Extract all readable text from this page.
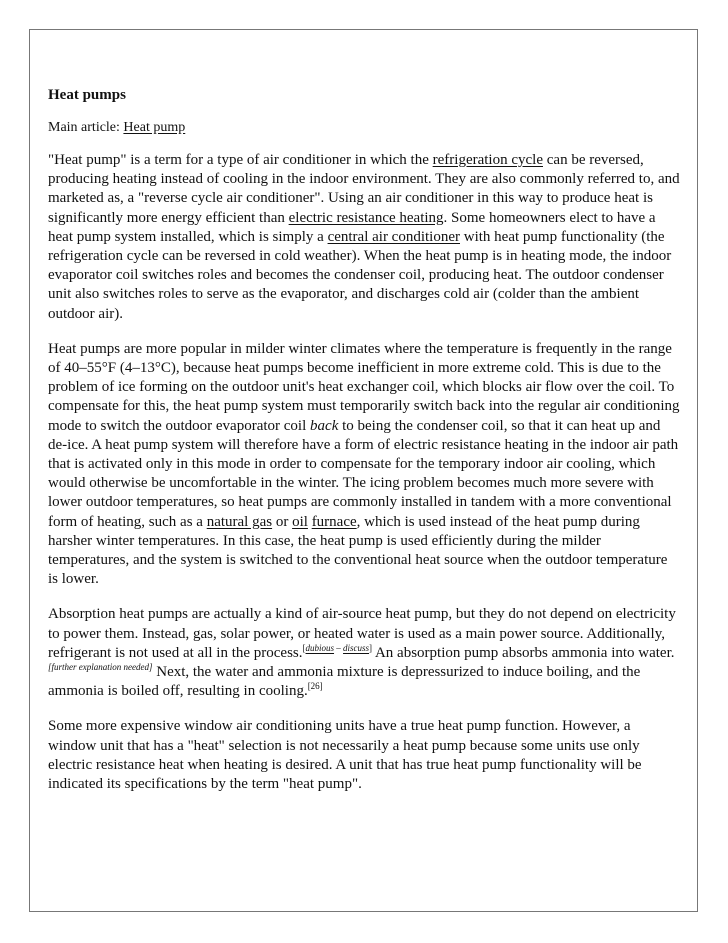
Heat pumps
Main article: Heat pump

"Heat pump" is a term for a type of air conditioner in which the refrigeration cycle can be reversed, producing heating instead of cooling in the indoor environment. They are also commonly referred to, and marketed as, a "reverse cycle air conditioner". Using an air conditioner in this way to produce heat is significantly more energy efficient than electric resistance heating. Some homeowners elect to have a heat pump system installed, which is simply a central air conditioner with heat pump functionality (the refrigeration cycle can be reversed in cold weather). When the heat pump is in heating mode, the indoor evaporator coil switches roles and becomes the condenser coil, producing heat. The outdoor condenser unit also switches roles to serve as the evaporator, and discharges cold air (colder than the ambient outdoor air).

Heat pumps are more popular in milder winter climates where the temperature is frequently in the range of 40–55°F (4–13°C), because heat pumps become inefficient in more extreme cold. This is due to the problem of ice forming on the outdoor unit's heat exchanger coil, which blocks air flow over the coil. To compensate for this, the heat pump system must temporarily switch back into the regular air conditioning mode to switch the outdoor evaporator coil back to being the condenser coil, so that it can heat up and de-ice. A heat pump system will therefore have a form of electric resistance heating in the indoor air path that is activated only in this mode in order to compensate for the temporary indoor air cooling, which would otherwise be uncomfortable in the winter. The icing problem becomes much more severe with lower outdoor temperatures, so heat pumps are commonly installed in tandem with a more conventional form of heating, such as a natural gas or oil furnace, which is used instead of the heat pump during harsher winter temperatures. In this case, the heat pump is used efficiently during the milder temperatures, and the system is switched to the conventional heat source when the outdoor temperature is lower.

Absorption heat pumps are actually a kind of air-source heat pump, but they do not depend on electricity to power them. Instead, gas, solar power, or heated water is used as a main power source. Additionally, refrigerant is not used at all in the process.[dubious – discuss] An absorption pump absorbs ammonia into water.[further explanation needed] Next, the water and ammonia mixture is depressurized to induce boiling, and the ammonia is boiled off, resulting in cooling.[26]

Some more expensive window air conditioning units have a true heat pump function. However, a window unit that has a "heat" selection is not necessarily a heat pump because some units use only electric resistance heat when heating is desired. A unit that has true heat pump functionality will be indicated its specifications by the term "heat pump".
